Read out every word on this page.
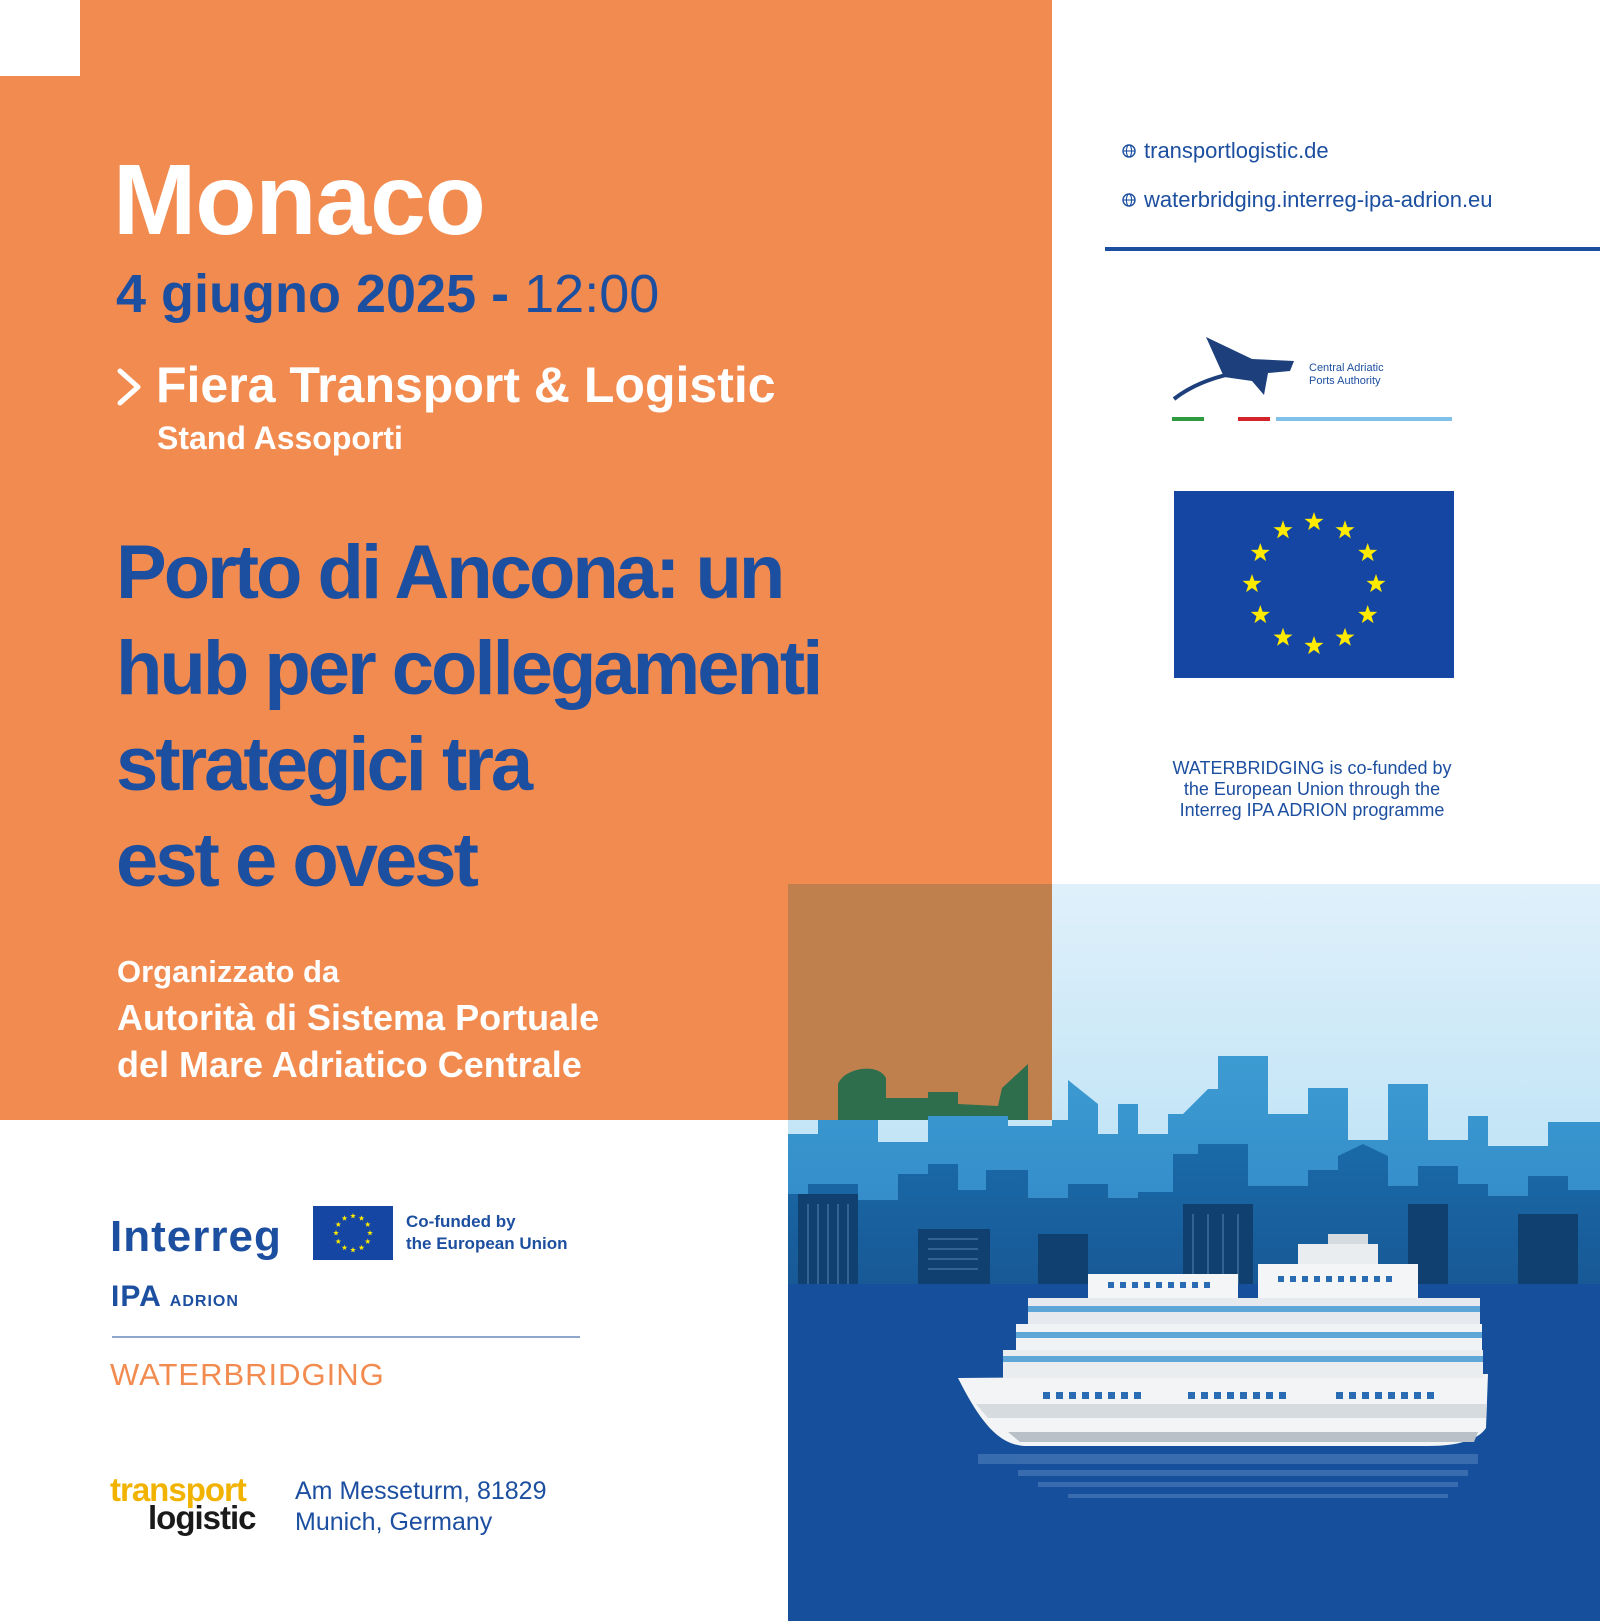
Monaco
4 giugno 2025 - 12:00
Fiera Transport & Logistic
Stand Assoporti
Porto di Ancona: un
hub per collegamenti
strategici tra
est e ovest
Organizzato da
Autorità di Sistema Portuale
del Mare Adriatico Centrale
transportlogistic.de
waterbridging.interreg-ipa-adrion.eu
Central Adriatic
Ports Authority
WATERBRIDGING is co-funded by
the European Union through the
Interreg IPA ADRION programme
Interreg	Co-funded by
the European Union
IPA ADRION
WATERBRIDGING
transport
logistic
Am Messeturm, 81829
Munich, Germany
